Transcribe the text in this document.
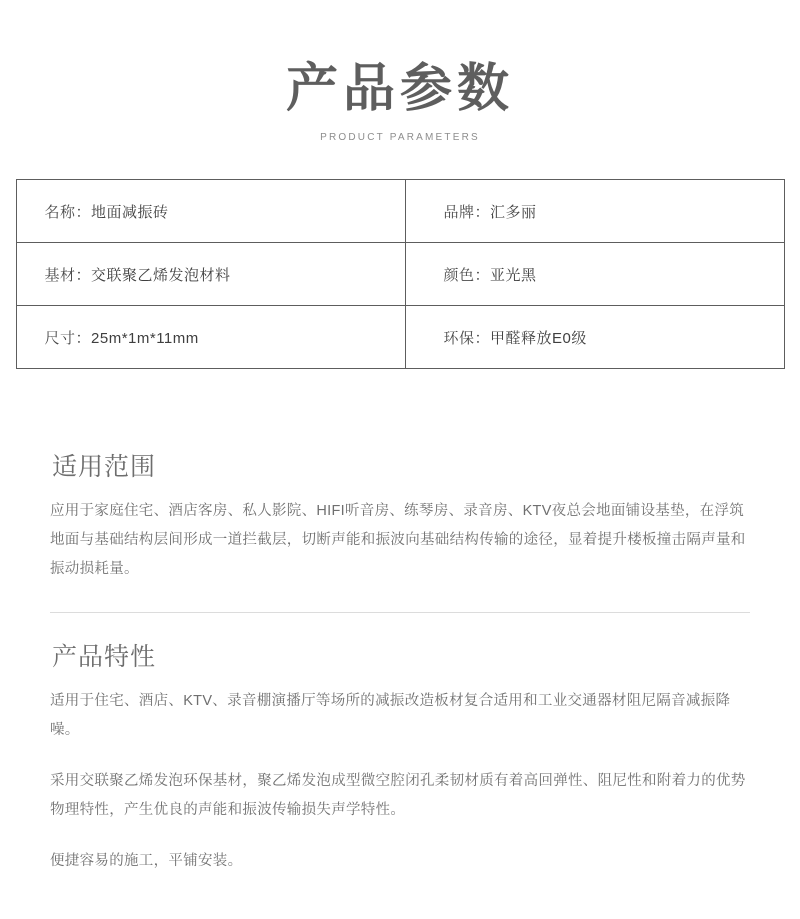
产品参数
PRODUCT PARAMETERS
名称：地面减振砖	品牌：汇多丽
基材：交联聚乙烯发泡材料	颜色：亚光黑
尺寸：25m*1m*11mm	环保：甲醛释放E0级
适用范围

应用于家庭住宅、酒店客房、私人影院、HIFI听音房、练琴房、录音房、KTV夜总会地面铺设基垫，在浮筑地面与基础结构层间形成一道拦截层，切断声能和振波向基础结构传输的途径，显着提升楼板撞击隔声量和振动损耗量。

产品特性

适用于住宅、酒店、KTV、录音棚演播厅等场所的减振改造板材复合适用和工业交通器材阻尼隔音减振降噪。

采用交联聚乙烯发泡环保基材，聚乙烯发泡成型微空腔闭孔柔韧材质有着高回弹性、阻尼性和附着力的优势物理特性，产生优良的声能和振波传输损失声学特性。

便捷容易的施工，平铺安装。
